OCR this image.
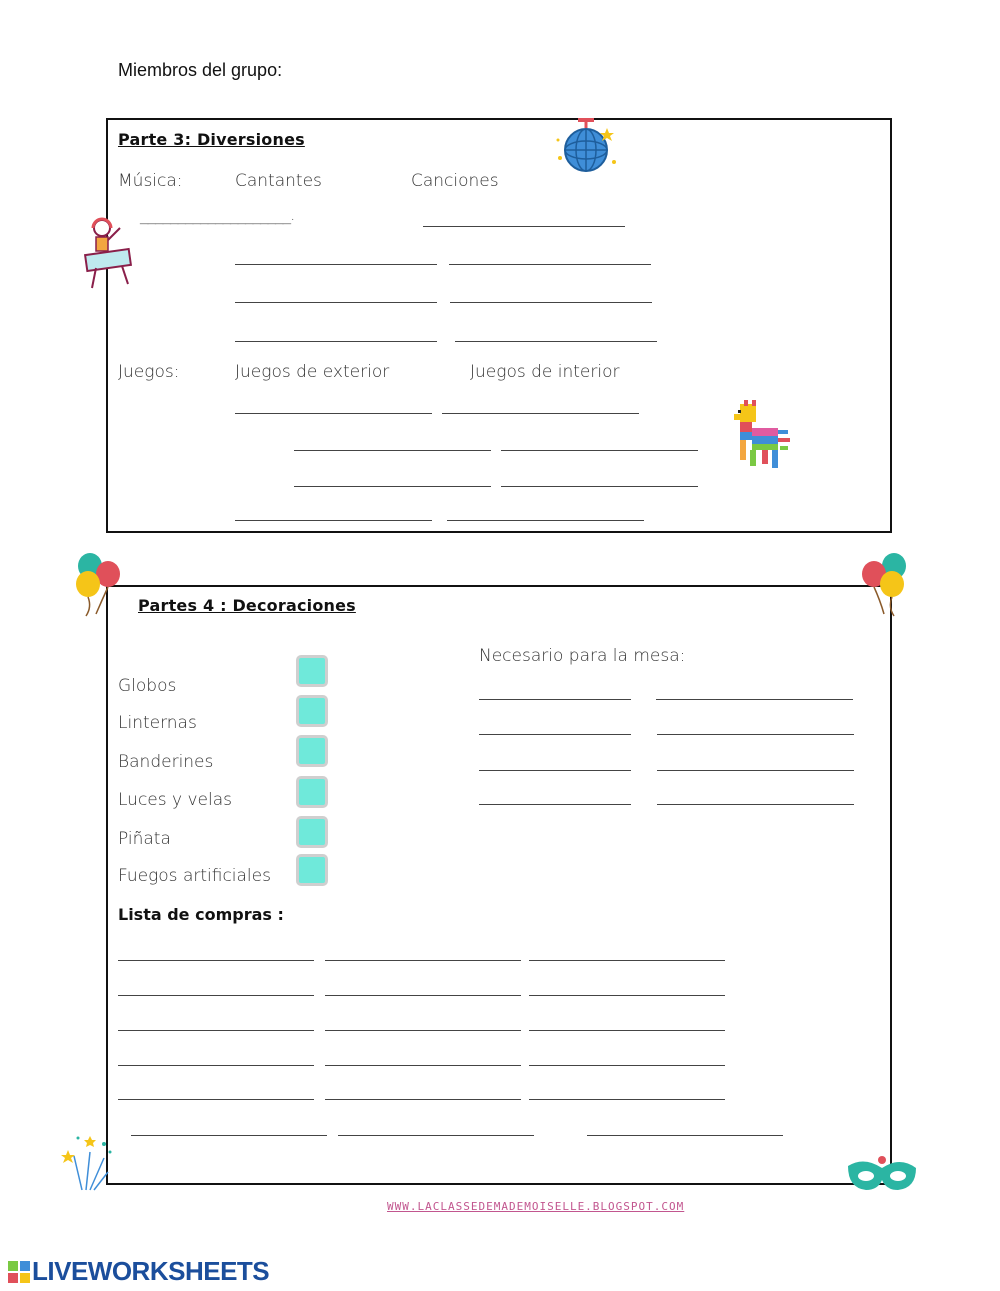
Miembros del grupo:
Parte 3: Diversiones
Música:	Cantantes	Canciones
____________________.
Juegos:	Juegos de exterior	Juegos de interior
Partes 4 : Decoraciones
Necesario para la mesa:
Globos
Linternas
Banderines
Luces y velas
Piñata
Fuegos artificiales
Lista de compras :
WWW.LACLASSEDEMADEMOISELLE.BLOGSPOT.COM
LIVEWORKSHEETS
